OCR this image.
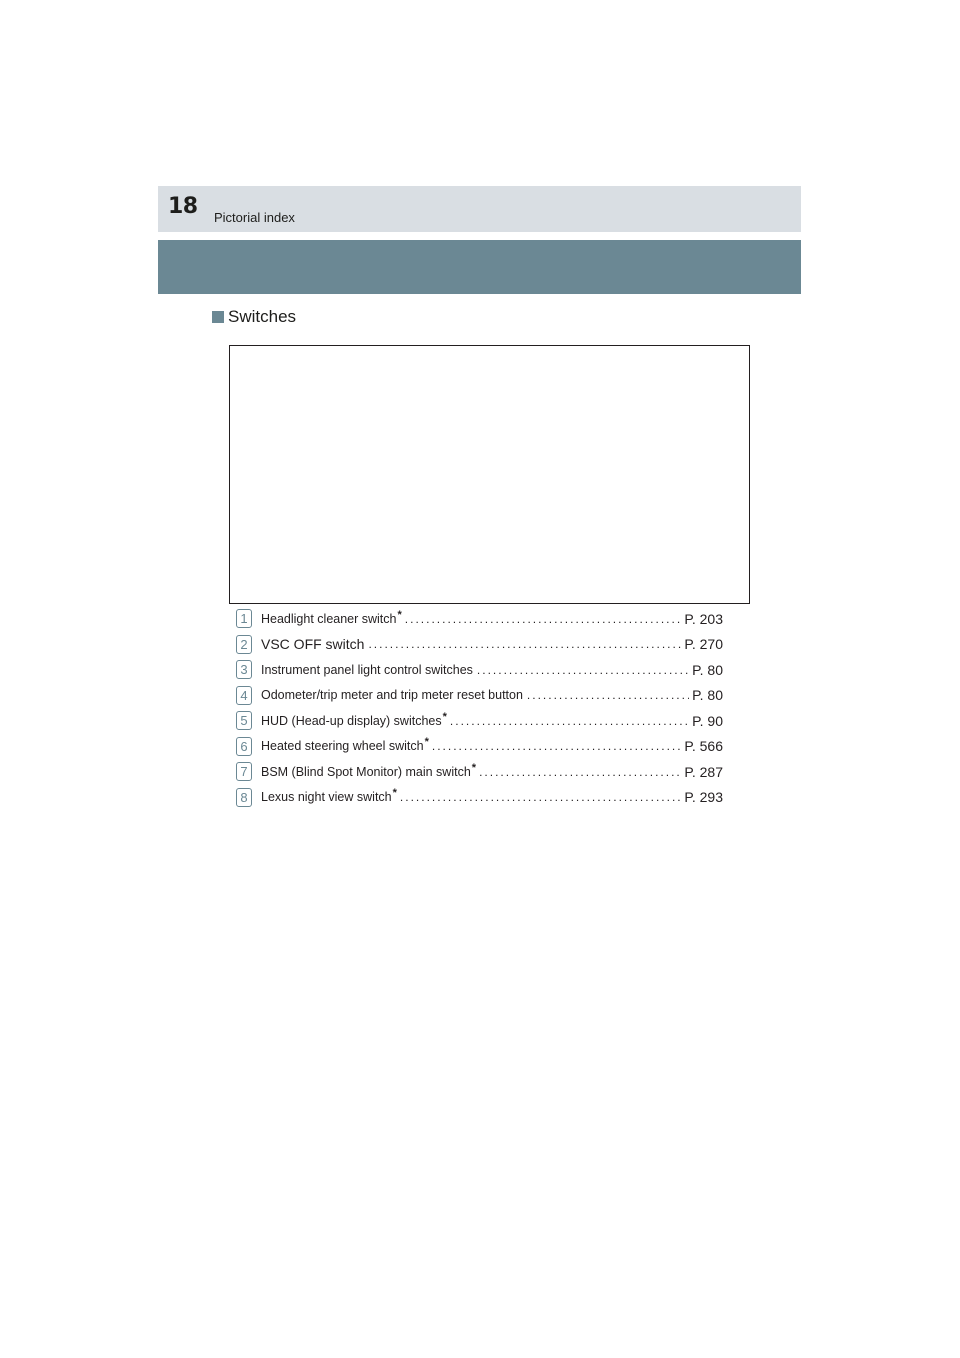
18 Pictorial index
Switches
1	Headlight cleaner switch* .....	P. 203
2 VSC OFF switch .....	P. 270
3	Instrument panel light control switches .....	P. 80
4	Odometer/trip meter and trip meter reset button .....	P. 80
5	HUD (Head-up display) switches* .....	P. 90
6	Heated steering wheel switch* .....	P. 566
7	BSM (Blind Spot Monitor) main switch* .....	P. 287
8	Lexus night view switch* .....	P. 293
